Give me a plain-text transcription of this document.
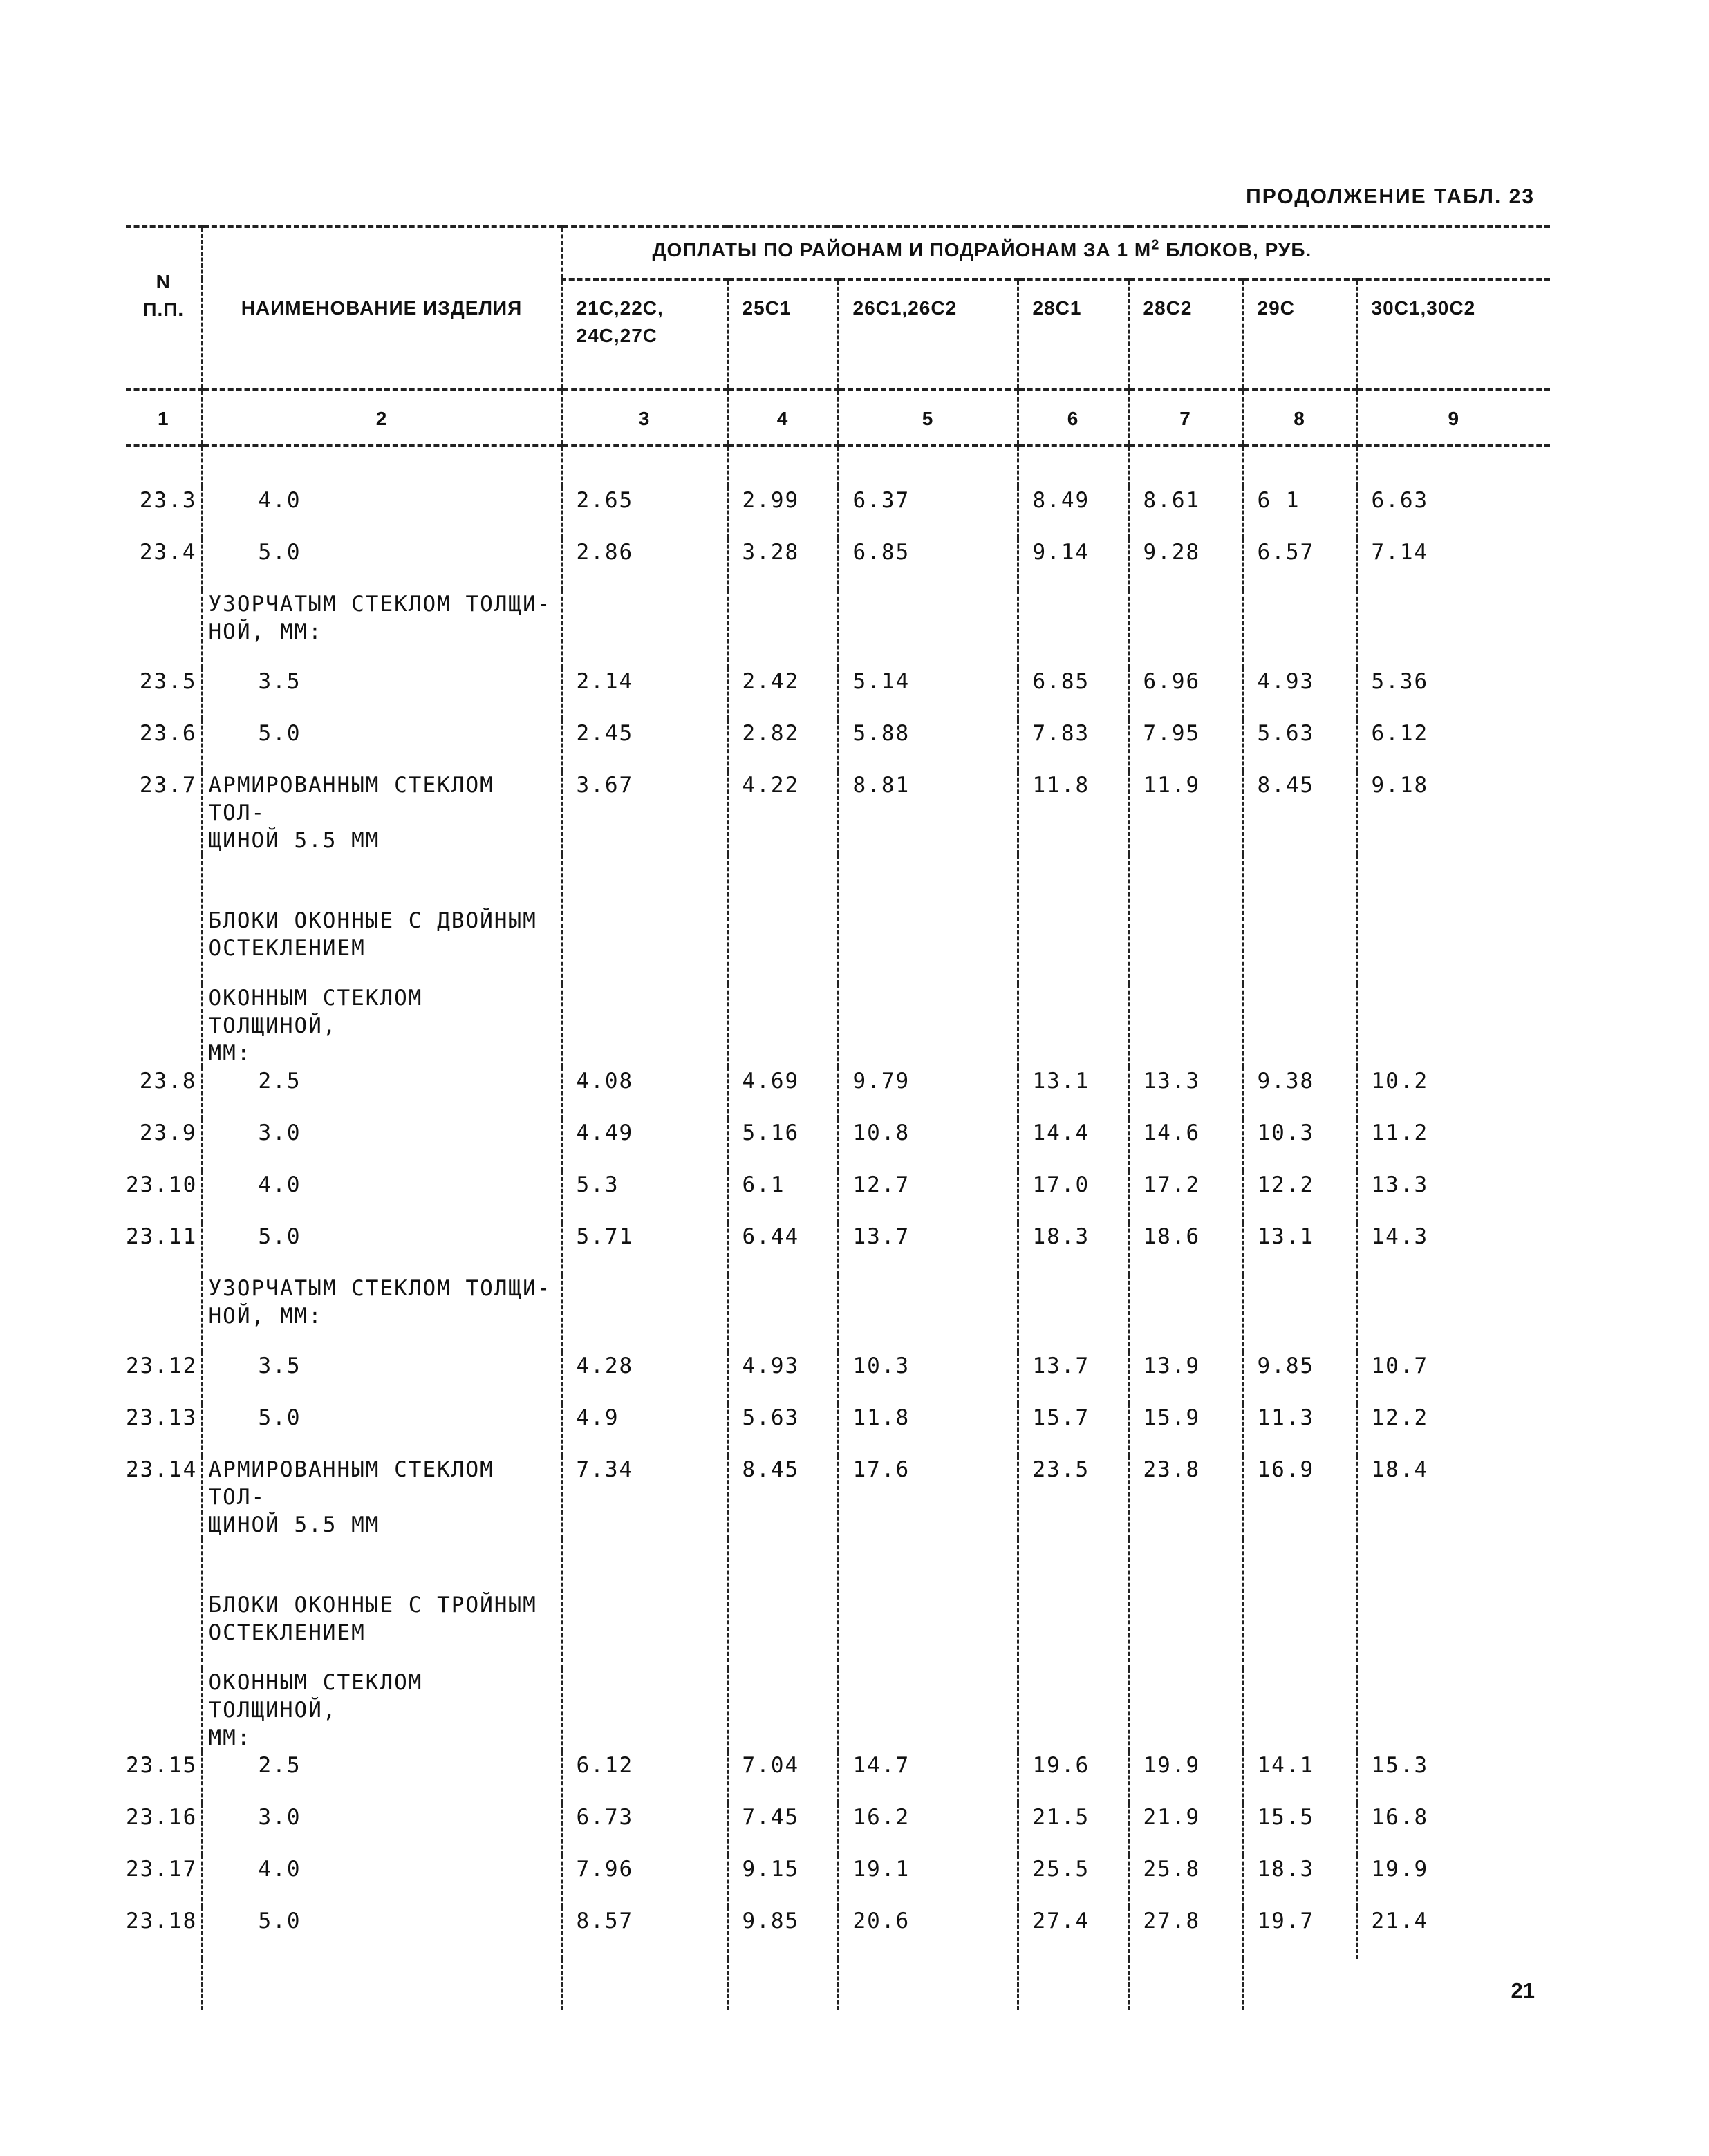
ПРОДОЛЖЕНИЕ ТАБЛ. 23
N
П.П.	НАИМЕНОВАНИЕ ИЗДЕЛИЯ	ДОПЛАТЫ ПО РАЙОНАМ И ПОДРАЙОНАМ ЗА 1 $М^2$ БЛОКОВ, РУБ.						
		21С,22С,
24С,27С	25С1	26С1,26С2	28С1	28С2	29С	30С1,30С2
1	2	3	4	5	6	7	8	9

23.3	4.0	2.65	2.99	6.37	8.49	8.61	6 1	6.63
23.4	5.0	2.86	3.28	6.85	9.14	9.28	6.57	7.14
	УЗОРЧАТЫМ СТЕКЛОМ ТОЛЩИ-
НОЙ, ММ:							
23.5	3.5	2.14	2.42	5.14	6.85	6.96	4.93	5.36
23.6	5.0	2.45	2.82	5.88	7.83	7.95	5.63	6.12
23.7	АРМИРОВАННЫМ СТЕКЛОМ ТОЛ-
ЩИНОЙ 5.5 ММ	3.67	4.22	8.81	11.8	11.9	8.45	9.18
	БЛОКИ ОКОННЫЕ С ДВОЙНЫМ
ОСТЕКЛЕНИЕМ							
	ОКОННЫМ СТЕКЛОМ ТОЛЩИНОЙ,
ММ:							
23.8	2.5	4.08	4.69	9.79	13.1	13.3	9.38	10.2
23.9	3.0	4.49	5.16	10.8	14.4	14.6	10.3	11.2
23.10	4.0	5.3	6.1	12.7	17.0	17.2	12.2	13.3
23.11	5.0	5.71	6.44	13.7	18.3	18.6	13.1	14.3
	УЗОРЧАТЫМ СТЕКЛОМ ТОЛЩИ-
НОЙ, ММ:							
23.12	3.5	4.28	4.93	10.3	13.7	13.9	9.85	10.7
23.13	5.0	4.9	5.63	11.8	15.7	15.9	11.3	12.2
23.14	АРМИРОВАННЫМ СТЕКЛОМ ТОЛ-
ЩИНОЙ 5.5 ММ	7.34	8.45	17.6	23.5	23.8	16.9	18.4
	БЛОКИ ОКОННЫЕ С ТРОЙНЫМ
ОСТЕКЛЕНИЕМ							
	ОКОННЫМ СТЕКЛОМ ТОЛЩИНОЙ,
ММ:							
23.15	2.5	6.12	7.04	14.7	19.6	19.9	14.1	15.3
23.16	3.0	6.73	7.45	16.2	21.5	21.9	15.5	16.8
23.17	4.0	7.96	9.15	19.1	25.5	25.8	18.3	19.9
23.18	5.0	8.57	9.85	20.6	27.4	27.8	19.7	21.4

21
